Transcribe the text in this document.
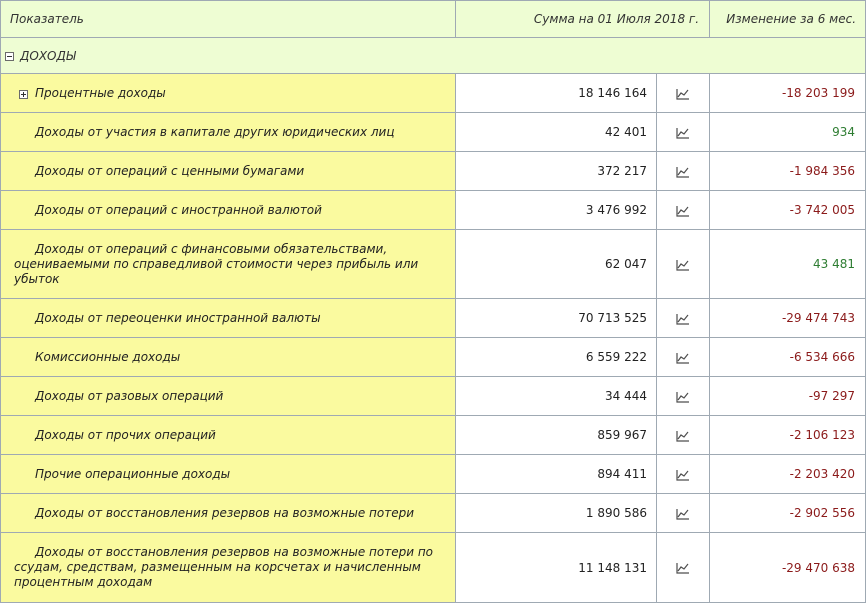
Показатель	Сумма на 01 Июля 2018 г.		Изменение за 6 мес.

ДОХОДЫ			

Процентные доходы	18 146 164		-18 203 199
Доходы от участия в капитале других юридических лиц	42 401		934
Доходы от операций с ценными бумагами	372 217		-1 984 356
Доходы от операций с иностранной валютой	3 476 992		-3 742 005
Доходы от операций с финансовыми обязательствами, оцениваемыми по справедливой стоимости через прибыль или убыток	62 047		43 481
Доходы от переоценки иностранной валюты	70 713 525		-29 474 743
Комиссионные доходы	6 559 222		-6 534 666
Доходы от разовых операций	34 444		-97 297
Доходы от прочих операций	859 967		-2 106 123
Прочие операционные доходы	894 411		-2 203 420
Доходы от восстановления резервов на возможные потери	1 890 586		-2 902 556
Доходы от восстановления резервов на возможные потери по ссудам, средствам, размещенным на корсчетах и начисленным процентным доходам	11 148 131		-29 470 638
